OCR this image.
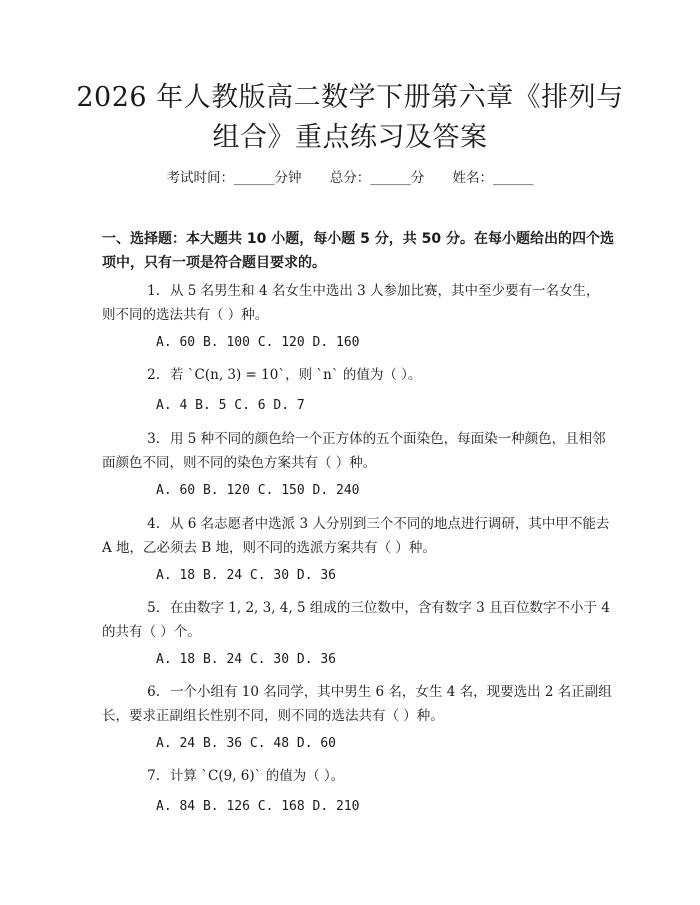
2026 年人教版高二数学下册第六章《排列与
组合》重点练习及答案
考试时间：______分钟 总分：______分 姓名：______
一、选择题：本大题共 10 小题，每小题 5 分，共 50 分。在每小题给出的四个选项中，只有一项是符合题目要求的。
1. 从 5 名男生和 4 名女生中选出 3 人参加比赛，其中至少要有一名女生，则不同的选法共有（ ）种。
A. 60 B. 100 C. 120 D. 160
2. 若 `C(n, 3) = 10`，则 `n` 的值为（ ）。
A. 4 B. 5 C. 6 D. 7
3. 用 5 种不同的颜色给一个正方体的五个面染色，每面染一种颜色，且相邻面颜色不同，则不同的染色方案共有（ ）种。
A. 60 B. 120 C. 150 D. 240
4. 从 6 名志愿者中选派 3 人分别到三个不同的地点进行调研，其中甲不能去 A 地，乙必须去 B 地，则不同的选派方案共有（ ）种。
A. 18 B. 24 C. 30 D. 36
5. 在由数字 1, 2, 3, 4, 5 组成的三位数中，含有数字 3 且百位数字不小于 4 的共有（ ）个。
A. 18 B. 24 C. 30 D. 36
6. 一个小组有 10 名同学，其中男生 6 名，女生 4 名，现要选出 2 名正副组长，要求正副组长性别不同，则不同的选法共有（ ）种。
A. 24 B. 36 C. 48 D. 60
7. 计算 `C(9, 6)` 的值为（ ）。
A. 84 B. 126 C. 168 D. 210
